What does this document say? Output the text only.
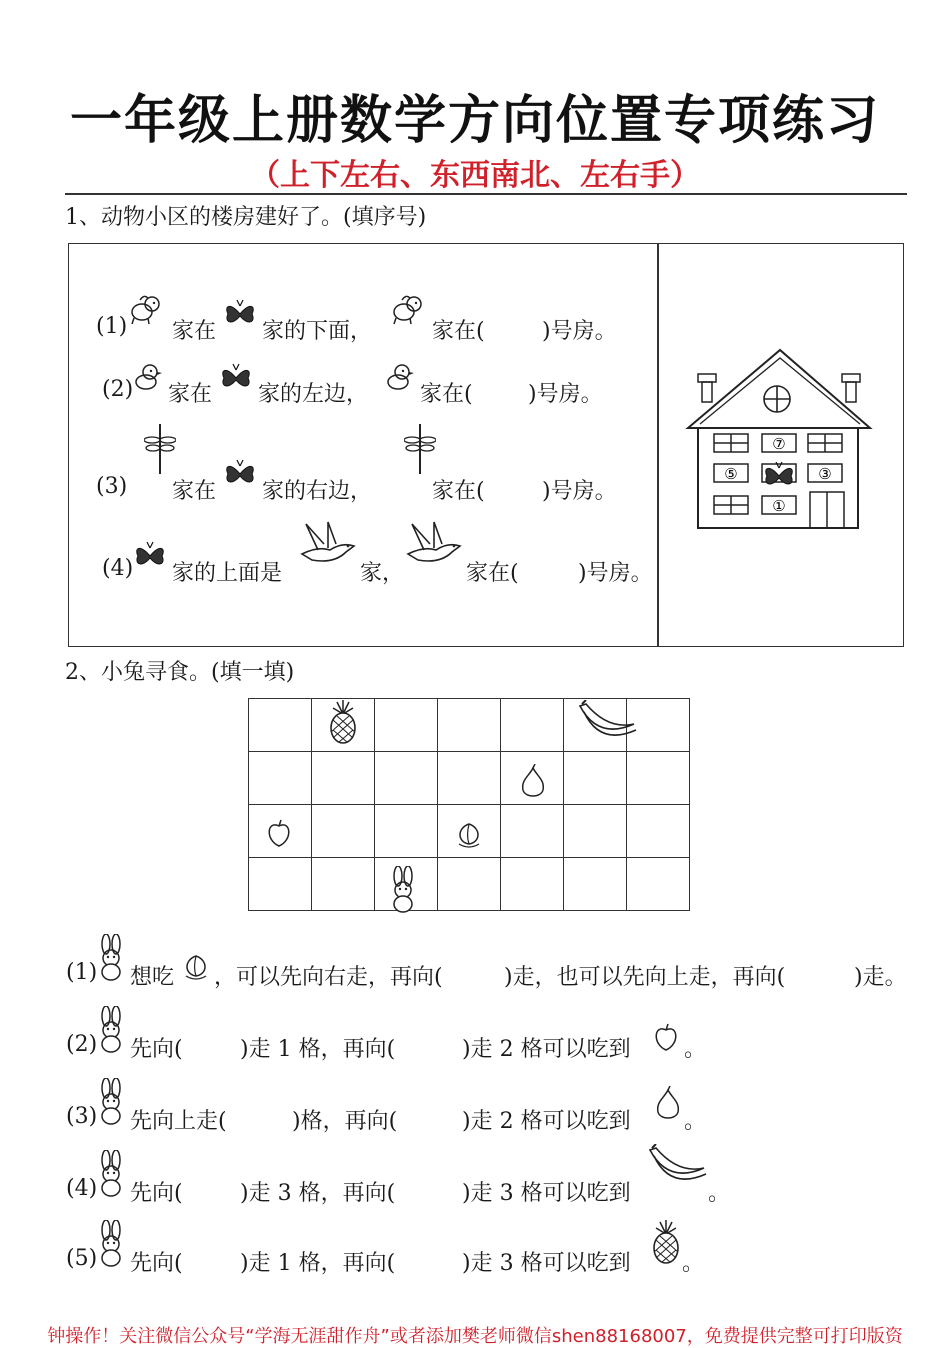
一年级上册数学方向位置专项练习
（上下左右、东西南北、左右手）
1、动物小区的楼房建好了。(填序号)
(1) 家在 家的下面，	家在(	)号房。
(2) 家在 家的左边， 家在(	)号房。
(3) 家在 家的右边，	家在(	)号房。
(4) 家的上面是	家，	家在(	)号房。
⑦
⑤	③
①
2、小兔寻食。(填一填)

(1) 想吃 ，可以先向右走，再向(	)走，也可以先向上走，再向(	)走。
(2) 先向(	)走 1 格，再向(	)走 2 格可以吃到 。
(3) 先向上走(	)格，再向(	)走 2 格可以吃到 。
(4) 先向(	)走 3 格，再向(	)走 3 格可以吃到	。
(5) 先向(	)走 1 格，再向(	)走 3 格可以吃到 。
钟操作！关注微信公众号“学海无涯甜作舟”或者添加樊老师微信shen88168007，免费提供完整可打印版资
